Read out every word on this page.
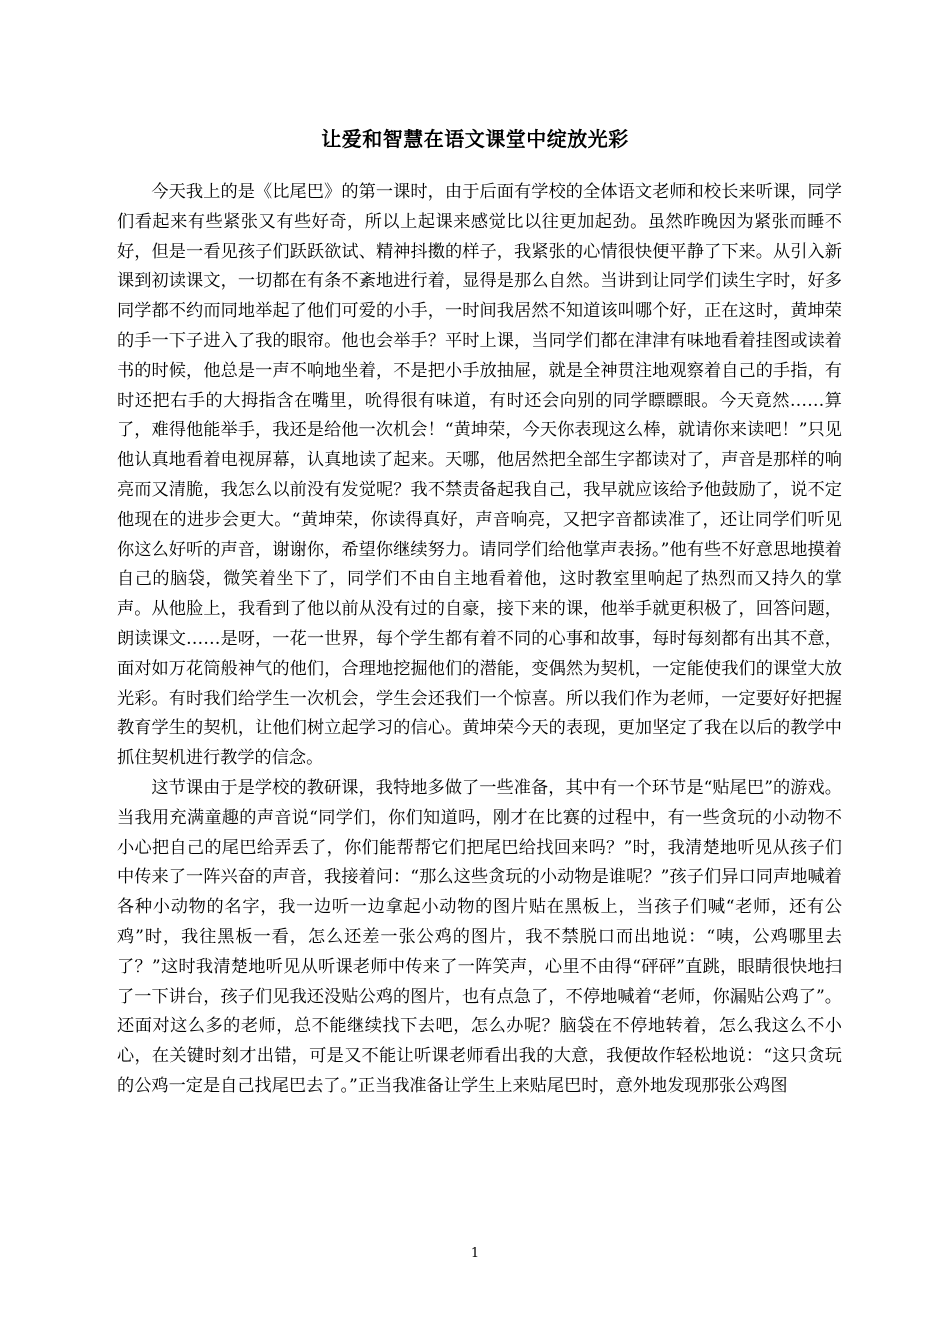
让爱和智慧在语文课堂中绽放光彩

今天我上的是《比尾巴》的第一课时，由于后面有学校的全体语文老师和校长来听课，同学们看起来有些紧张又有些好奇，所以上起课来感觉比以往更加起劲。虽然昨晚因为紧张而睡不好，但是一看见孩子们跃跃欲试、精神抖擞的样子，我紧张的心情很快便平静了下来。从引入新课到初读课文，一切都在有条不紊地进行着，显得是那么自然。当讲到让同学们读生字时，好多同学都不约而同地举起了他们可爱的小手，一时间我居然不知道该叫哪个好，正在这时，黄坤荣的手一下子进入了我的眼帘。他也会举手？平时上课，当同学们都在津津有味地看着挂图或读着书的时候，他总是一声不响地坐着，不是把小手放抽屉，就是全神贯注地观察着自己的手指，有时还把右手的大拇指含在嘴里，吮得很有味道，有时还会向别的同学瞟瞟眼。今天竟然……算了，难得他能举手，我还是给他一次机会！“黄坤荣，今天你表现这么棒，就请你来读吧！”只见他认真地看着电视屏幕，认真地读了起来。天哪，他居然把全部生字都读对了，声音是那样的响亮而又清脆，我怎么以前没有发觉呢？我不禁责备起我自己，我早就应该给予他鼓励了，说不定他现在的进步会更大。“黄坤荣，你读得真好，声音响亮，又把字音都读准了，还让同学们听见你这么好听的声音，谢谢你，希望你继续努力。请同学们给他掌声表扬。”他有些不好意思地摸着自己的脑袋，微笑着坐下了，同学们不由自主地看着他，这时教室里响起了热烈而又持久的掌声。从他脸上，我看到了他以前从没有过的自豪，接下来的课，他举手就更积极了，回答问题，朗读课文……是呀，一花一世界，每个学生都有着不同的心事和故事，每时每刻都有出其不意，面对如万花筒般神气的他们，合理地挖掘他们的潜能，变偶然为契机，一定能使我们的课堂大放光彩。有时我们给学生一次机会，学生会还我们一个惊喜。所以我们作为老师，一定要好好把握教育学生的契机，让他们树立起学习的信心。黄坤荣今天的表现，更加坚定了我在以后的教学中抓住契机进行教学的信念。

这节课由于是学校的教研课，我特地多做了一些准备，其中有一个环节是“贴尾巴”的游戏。当我用充满童趣的声音说“同学们，你们知道吗，刚才在比赛的过程中，有一些贪玩的小动物不小心把自己的尾巴给弄丢了，你们能帮帮它们把尾巴给找回来吗？”时，我清楚地听见从孩子们中传来了一阵兴奋的声音，我接着问：“那么这些贪玩的小动物是谁呢？”孩子们异口同声地喊着各种小动物的名字，我一边听一边拿起小动物的图片贴在黑板上，当孩子们喊“老师，还有公鸡”时，我往黑板一看，怎么还差一张公鸡的图片，我不禁脱口而出地说：“咦，公鸡哪里去了？”这时我清楚地听见从听课老师中传来了一阵笑声，心里不由得“砰砰”直跳，眼睛很快地扫了一下讲台，孩子们见我还没贴公鸡的图片，也有点急了，不停地喊着“老师，你漏贴公鸡了”。还面对这么多的老师，总不能继续找下去吧，怎么办呢？脑袋在不停地转着，怎么我这么不小心，在关键时刻才出错，可是又不能让听课老师看出我的大意，我便故作轻松地说：“这只贪玩的公鸡一定是自己找尾巴去了。”正当我准备让学生上来贴尾巴时，意外地发现那张公鸡图

1
